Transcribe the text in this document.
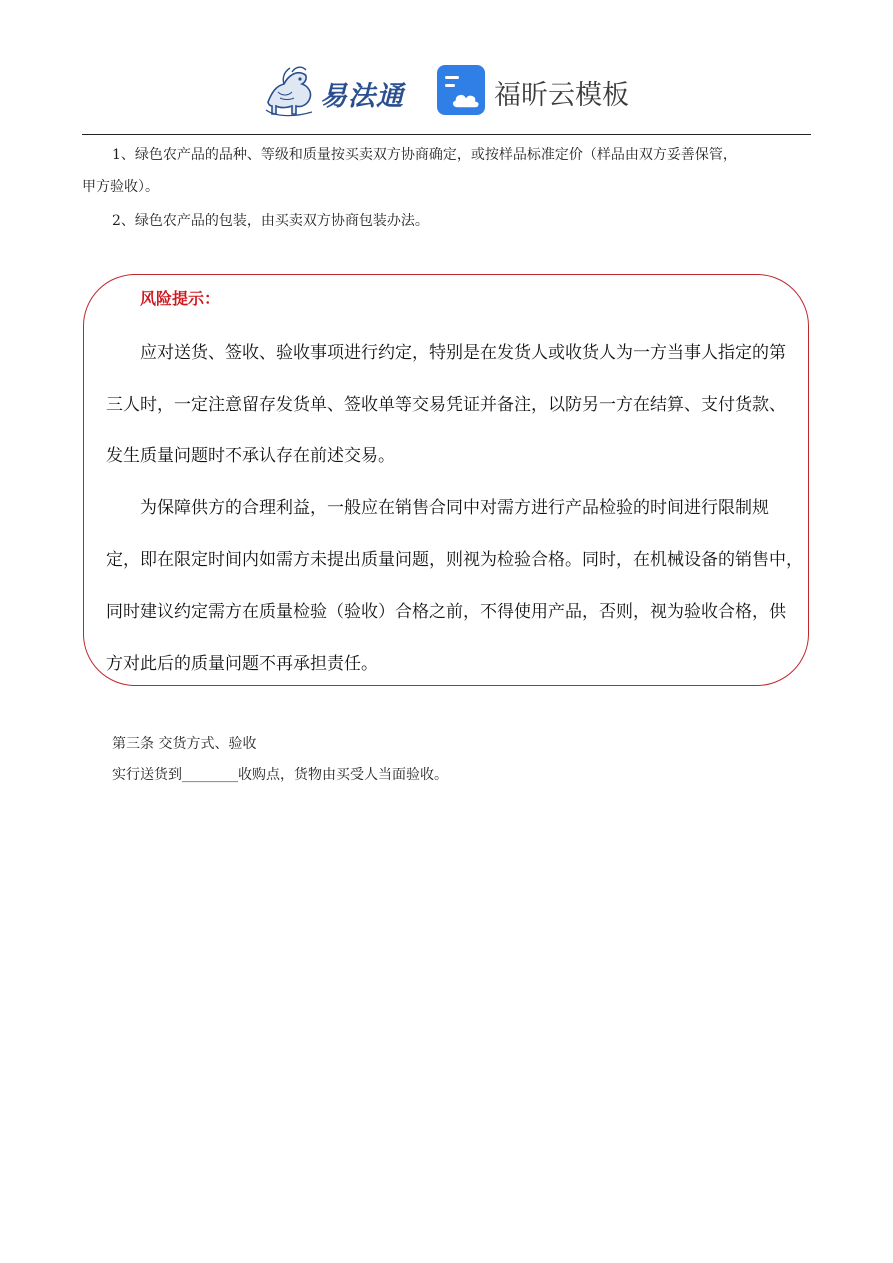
易法通	福昕云模板
1、绿色农产品的品种、等级和质量按买卖双方协商确定，或按样品标准定价（样品由双方妥善保管，
甲方验收）。
2、绿色农产品的包装，由买卖双方协商包装办法。
风险提示：
应对送货、签收、验收事项进行约定，特别是在发货人或收货人为一方当事人指定的第
三人时，一定注意留存发货单、签收单等交易凭证并备注，以防另一方在结算、支付货款、
发生质量问题时不承认存在前述交易。
为保障供方的合理利益，一般应在销售合同中对需方进行产品检验的时间进行限制规
定，即在限定时间内如需方未提出质量问题，则视为检验合格。同时，在机械设备的销售中，
同时建议约定需方在质量检验（验收）合格之前，不得使用产品，否则，视为验收合格，供
方对此后的质量问题不再承担责任。
第三条 交货方式、验收
实行送货到________收购点，货物由买受人当面验收。
